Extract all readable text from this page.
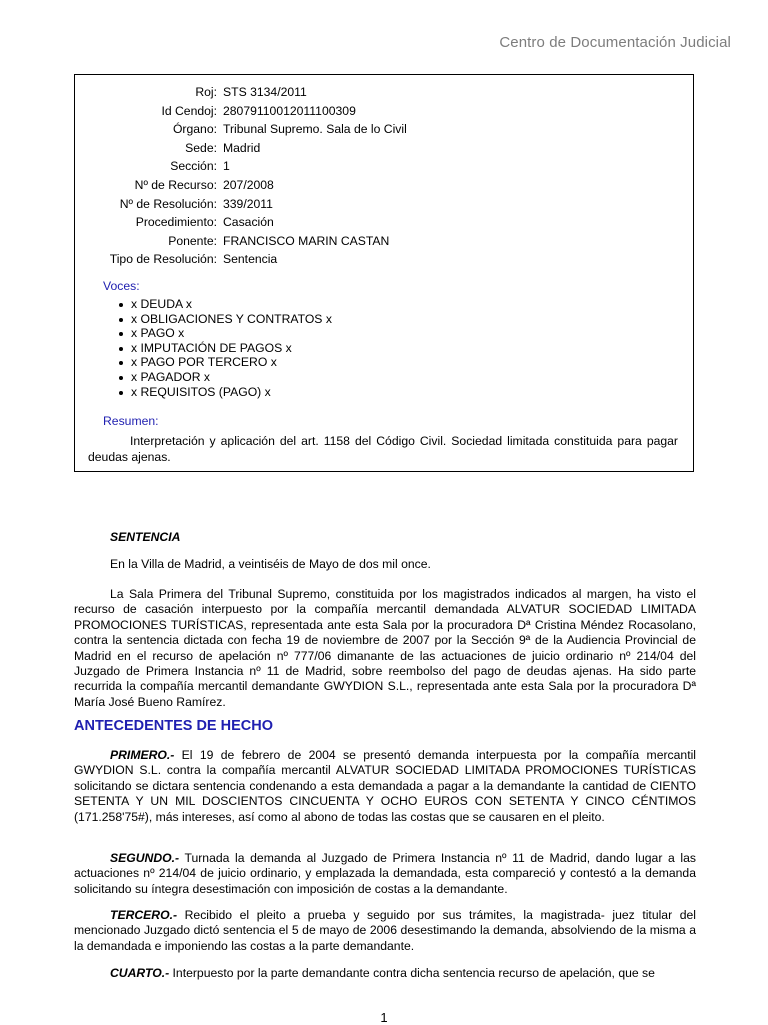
Centro de Documentación Judicial
Roj: STS 3134/2011
Id Cendoj: 28079110012011100309
Órgano: Tribunal Supremo. Sala de lo Civil
Sede: Madrid
Sección: 1
Nº de Recurso: 207/2008
Nº de Resolución: 339/2011
Procedimiento: Casación
Ponente: FRANCISCO MARIN CASTAN
Tipo de Resolución: Sentencia
Voces:
x DEUDA x
x OBLIGACIONES Y CONTRATOS x
x PAGO x
x IMPUTACIÓN DE PAGOS x
x PAGO POR TERCERO x
x PAGADOR x
x REQUISITOS (PAGO) x
Resumen:
Interpretación y aplicación del art. 1158 del Código Civil. Sociedad limitada constituida para pagar deudas ajenas.
SENTENCIA

En la Villa de Madrid, a veintiséis de Mayo de dos mil once.

La Sala Primera del Tribunal Supremo, constituida por los magistrados indicados al margen, ha visto el recurso de casación interpuesto por la compañía mercantil demandada ALVATUR SOCIEDAD LIMITADA PROMOCIONES TURÍSTICAS, representada ante esta Sala por la procuradora Dª Cristina Méndez Rocasolano, contra la sentencia dictada con fecha 19 de noviembre de 2007 por la Sección 9ª de la Audiencia Provincial de Madrid en el recurso de apelación nº 777/06 dimanante de las actuaciones de juicio ordinario nº 214/04 del Juzgado de Primera Instancia nº 11 de Madrid, sobre reembolso del pago de deudas ajenas. Ha sido parte recurrida la compañía mercantil demandante GWYDION S.L., representada ante esta Sala por la procuradora Dª María José Bueno Ramírez.

ANTECEDENTES DE HECHO

PRIMERO.- El 19 de febrero de 2004 se presentó demanda interpuesta por la compañía mercantil GWYDION S.L. contra la compañía mercantil ALVATUR SOCIEDAD LIMITADA PROMOCIONES TURÍSTICAS solicitando se dictara sentencia condenando a esta demandada a pagar a la demandante la cantidad de CIENTO SETENTA Y UN MIL DOSCIENTOS CINCUENTA Y OCHO EUROS CON SETENTA Y CINCO CÉNTIMOS (171.258'75#), más intereses, así como al abono de todas las costas que se causaren en el pleito.

SEGUNDO.- Turnada la demanda al Juzgado de Primera Instancia nº 11 de Madrid, dando lugar a las actuaciones nº 214/04 de juicio ordinario, y emplazada la demandada, esta compareció y contestó a la demanda solicitando su íntegra desestimación con imposición de costas a la demandante.

TERCERO.- Recibido el pleito a prueba y seguido por sus trámites, la magistrada- juez titular del mencionado Juzgado dictó sentencia el 5 de mayo de 2006 desestimando la demanda, absolviendo de la misma a la demandada e imponiendo las costas a la parte demandante.

CUARTO.- Interpuesto por la parte demandante contra dicha sentencia recurso de apelación, que se

1
